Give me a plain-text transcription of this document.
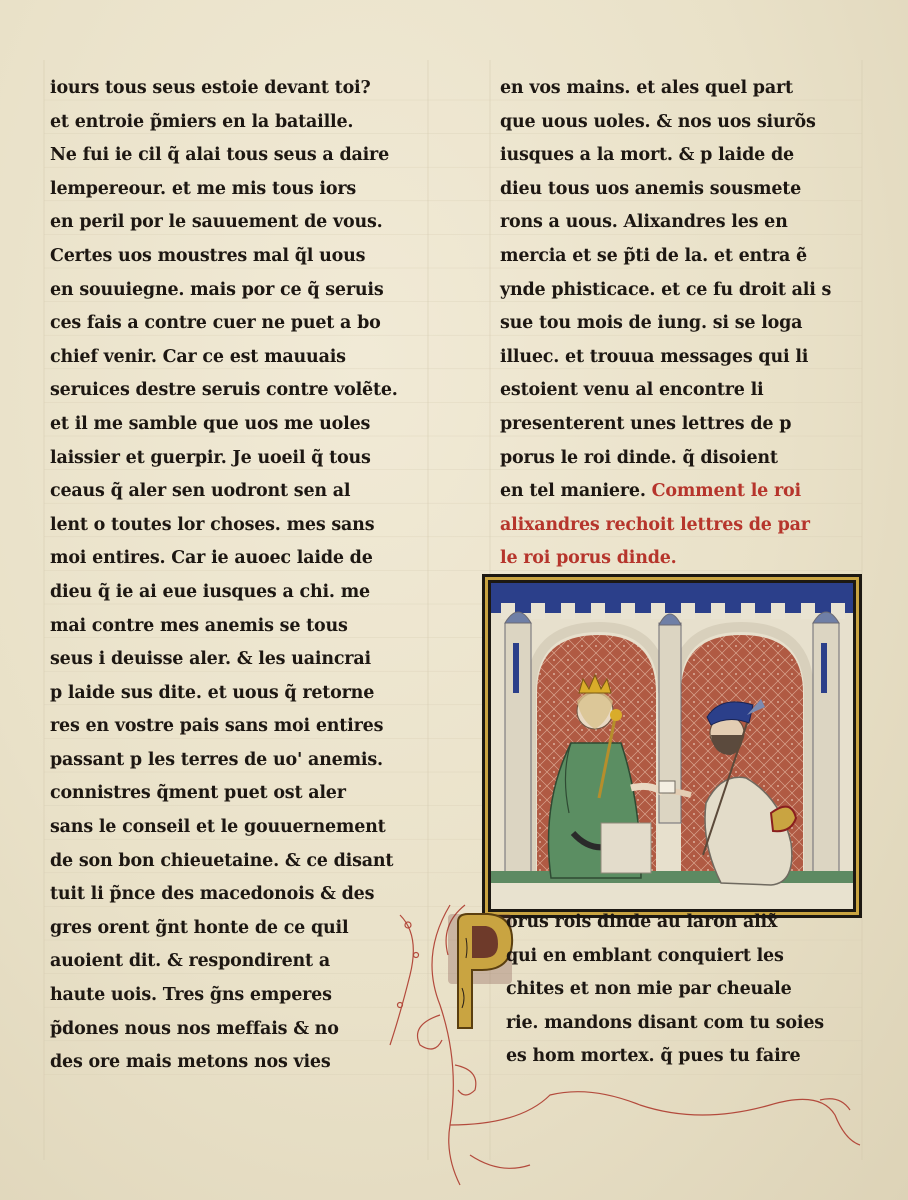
iours tous seus estoie devant toi?
et entroie p̃miers en la bataille.
Ne fui ie cil q̃ alai tous seus a daire
lempereour. et me mis tous iors
en peril por le sauuement de vous.
Certes uos moustres mal q̃l uous
en souuiegne. mais por ce q̃ seruis
ces fais a contre cuer ne puet a bo
chief venir. Car ce est mauuais
seruices destre seruis contre volẽte.
et il me samble que uos me uoles
laissier et guerpir. Je uoeil q̃ tous
ceaus q̃ aler sen uodront sen al
lent o toutes lor choses. mes sans
moi entires. Car ie auoec laide de
dieu q̃ ie ai eue iusques a chi. me
mai contre mes anemis se tous
seus i deuisse aler. & les uaincrai
p laide sus dite. et uous q̃ retorne
res en vostre pais sans moi entires
passant p les terres de uo' anemis.
connistres q̃ment puet ost aler
sans le conseil et le gouuernement
de son bon chieuetaine. & ce disant
tuit li p̃nce des macedonois & des
gres orent g̃nt honte de ce quil
auoient dit. & respondirent a
haute uois. Tres g̃ns emperes
p̃dones nous nos meffais & no
des ore mais metons nos vies
en vos mains. et ales quel part
que uous uoles. & nos uos siurõs
iusques a la mort. & p laide de
dieu tous uos anemis sousmete
rons a uous. Alixandres les en
mercia et se p̃ti de la. et entra ẽ
ynde phisticace. et ce fu droit ali s
sue tou mois de iung. si se loga
illuec. et trouua messages qui li
estoient venu al encontre li
presenterent unes lettres de p
porus le roi dinde. q̃ disoient
en tel maniere. Comment le roi
alixandres rechoit lettres de par
le roi porus dinde.
orus rois dinde au laron alix̃
qui en emblant conquiert les
chites et non mie par cheuale
rie. mandons disant com tu soies
es hom mortex. q̃ pues tu faire
